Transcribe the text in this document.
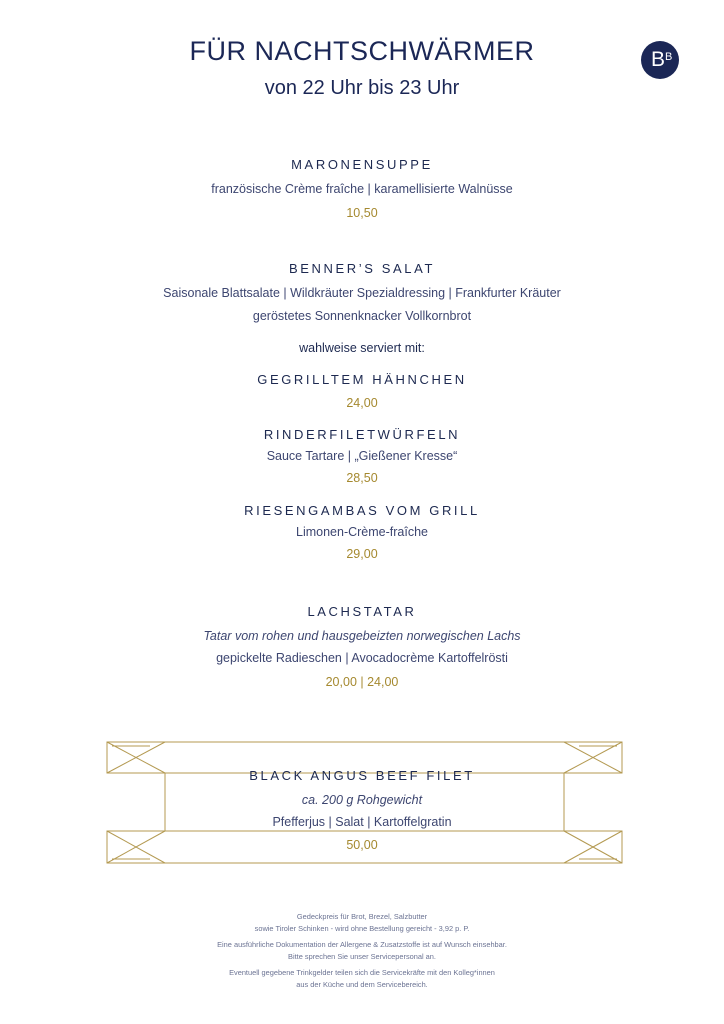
FÜR NACHTSCHWÄRMER
von 22 Uhr bis 23 Uhr
B B
MARONENSUPPE
französische Crème fraîche | karamellisierte Walnüsse
10,50
BENNER’S SALAT
Saisonale Blattsalate | Wildkräuter Spezialdressing | Frankfurter Kräuter
geröstetes Sonnenknacker Vollkornbrot
wahlweise serviert mit:
GEGRILLTEM HÄHNCHEN
24,00
RINDERFILETWÜRFELN
Sauce Tartare | „Gießener Kresse“
28,50
RIESENGAMBAS VOM GRILL
Limonen-Crème-fraîche
29,00
LACHSTATAR
Tatar vom rohen und hausgebeizten norwegischen Lachs
gepickelte Radieschen | Avocadocrème Kartoffelrösti
20,00 | 24,00
BLACK ANGUS BEEF FILET
ca. 200 g Rohgewicht
Pfefferjus | Salat | Kartoffelgratin
50,00
Gedeckpreis für Brot, Brezel, Salzbutter
sowie Tiroler Schinken - wird ohne Bestellung gereicht - 3,92 p. P.
Eine ausführliche Dokumentation der Allergene & Zusatzstoffe ist auf Wunsch einsehbar.
Bitte sprechen Sie unser Servicepersonal an.
Eventuell gegebene Trinkgelder teilen sich die Servicekräfte mit den Kolleg*innen
aus der Küche und dem Servicebereich.
